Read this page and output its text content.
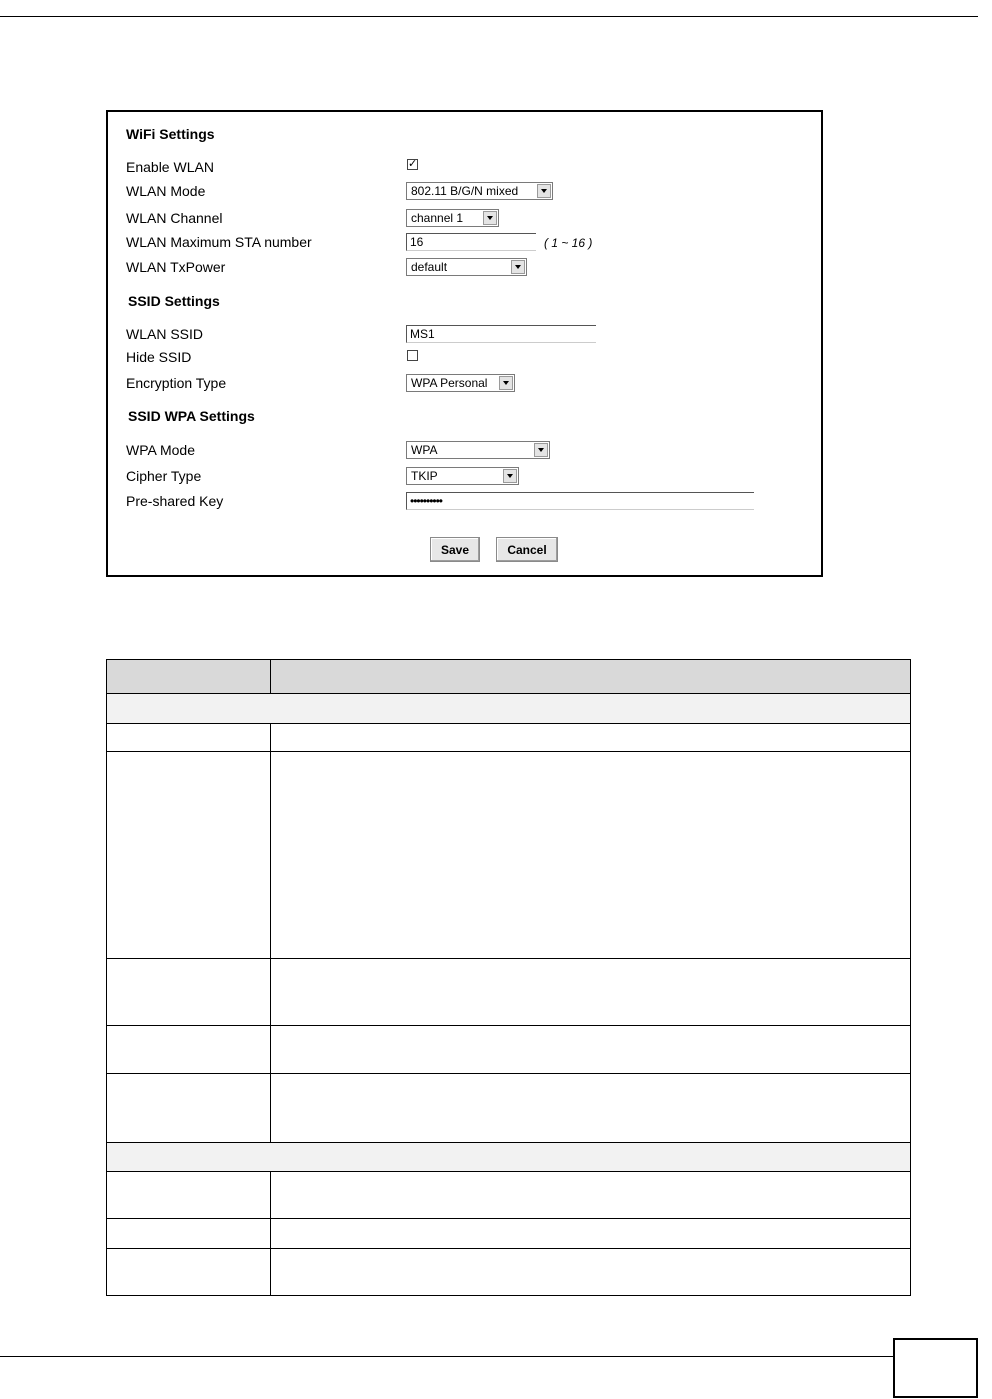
WiFi Settings
Enable WLAN	✓
WLAN Mode	802.11 B/G/N mixed
WLAN Channel	channel 1
WLAN Maximum STA number	16	( 1 ~ 16 )
WLAN TxPower	default
SSID Settings
WLAN SSID	MS1
Hide SSID
Encryption Type	WPA Personal
SSID WPA Settings
WPA Mode	WPA
Cipher Type	TKIP
Pre-shared Key	••••••••••
Save	Cancel
